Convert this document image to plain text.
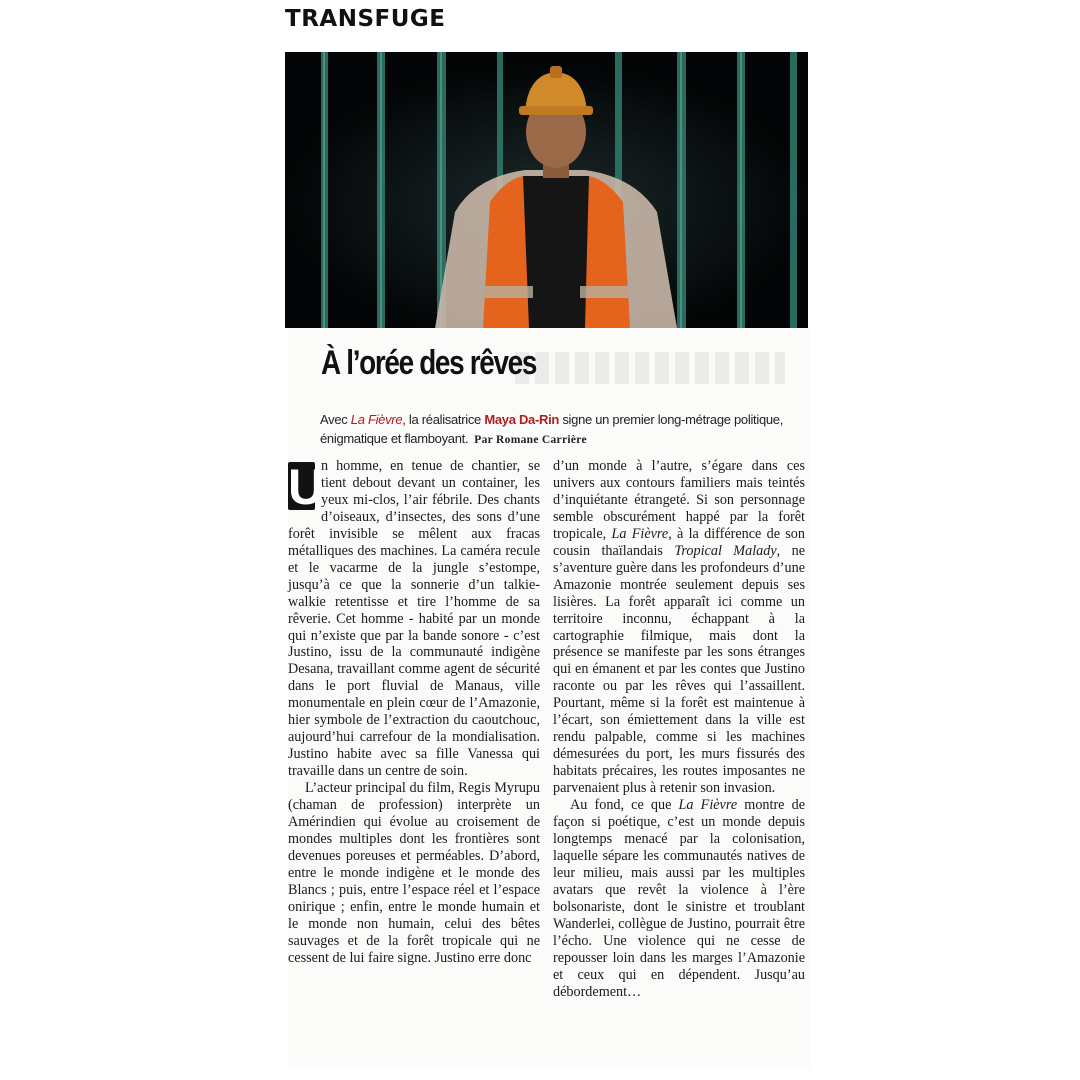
TRANSFUGE
À l’orée des rêves
Avec La Fièvre, la réalisatrice Maya Da-Rin signe un premier long-métrage politique, énigmatique et flamboyant. Par Romane Carrière

U
n homme, en tenue de chantier, se tient debout devant un container, les yeux mi-clos, l’air fébrile. Des chants d’oiseaux, d’insectes, des sons d’une forêt invisible se mêlent aux fracas métalliques des machines. La caméra recule et le vacarme de la jungle s’estompe, jusqu’à ce que la sonnerie d’un talkie-walkie retentisse et tire l’homme de sa rêverie. Cet homme - habité par un monde qui n’existe que par la bande sonore - c’est Justino, issu de la communauté indigène Desana, travaillant comme agent de sécurité dans le port fluvial de Manaus, ville monumentale en plein cœur de l’Amazonie, hier symbole de l’extraction du caoutchouc, aujourd’hui carrefour de la mondialisation. Justino habite avec sa fille Vanessa qui travaille dans un centre de soin.

L’acteur principal du film, Regis Myrupu (chaman de profession) interprète un Amérindien qui évolue au croisement de mondes multiples dont les frontières sont devenues poreuses et perméables. D’abord, entre le monde indigène et le monde des Blancs ; puis, entre l’espace réel et l’espace onirique ; enfin, entre le monde humain et le monde non humain, celui des bêtes sauvages et de la forêt tropicale qui ne cessent de lui faire signe. Justino erre donc

d’un monde à l’autre, s’égare dans ces univers aux contours familiers mais teintés d’inquiétante étrangeté. Si son personnage semble obscurément happé par la forêt tropicale, La Fièvre, à la différence de son cousin thaïlandais Tropical Malady, ne s’aventure guère dans les profondeurs d’une Amazonie montrée seulement depuis ses lisières. La forêt apparaît ici comme un territoire inconnu, échappant à la cartographie filmique, mais dont la présence se manifeste par les sons étranges qui en émanent et par les contes que Justino raconte ou par les rêves qui l’assaillent. Pourtant, même si la forêt est maintenue à l’écart, son émiettement dans la ville est rendu palpable, comme si les machines démesurées du port, les murs fissurés des habitats précaires, les routes imposantes ne parvenaient plus à retenir son invasion.

Au fond, ce que La Fièvre montre de façon si poétique, c’est un monde depuis longtemps menacé par la colonisation, laquelle sépare les communautés natives de leur milieu, mais aussi par les multiples avatars que revêt la violence à l’ère bolsonariste, dont le sinistre et troublant Wanderlei, collègue de Justino, pourrait être l’écho. Une violence qui ne cesse de repousser loin dans les marges l’Amazonie et ceux qui en dépendent. Jusqu’au débordement…
